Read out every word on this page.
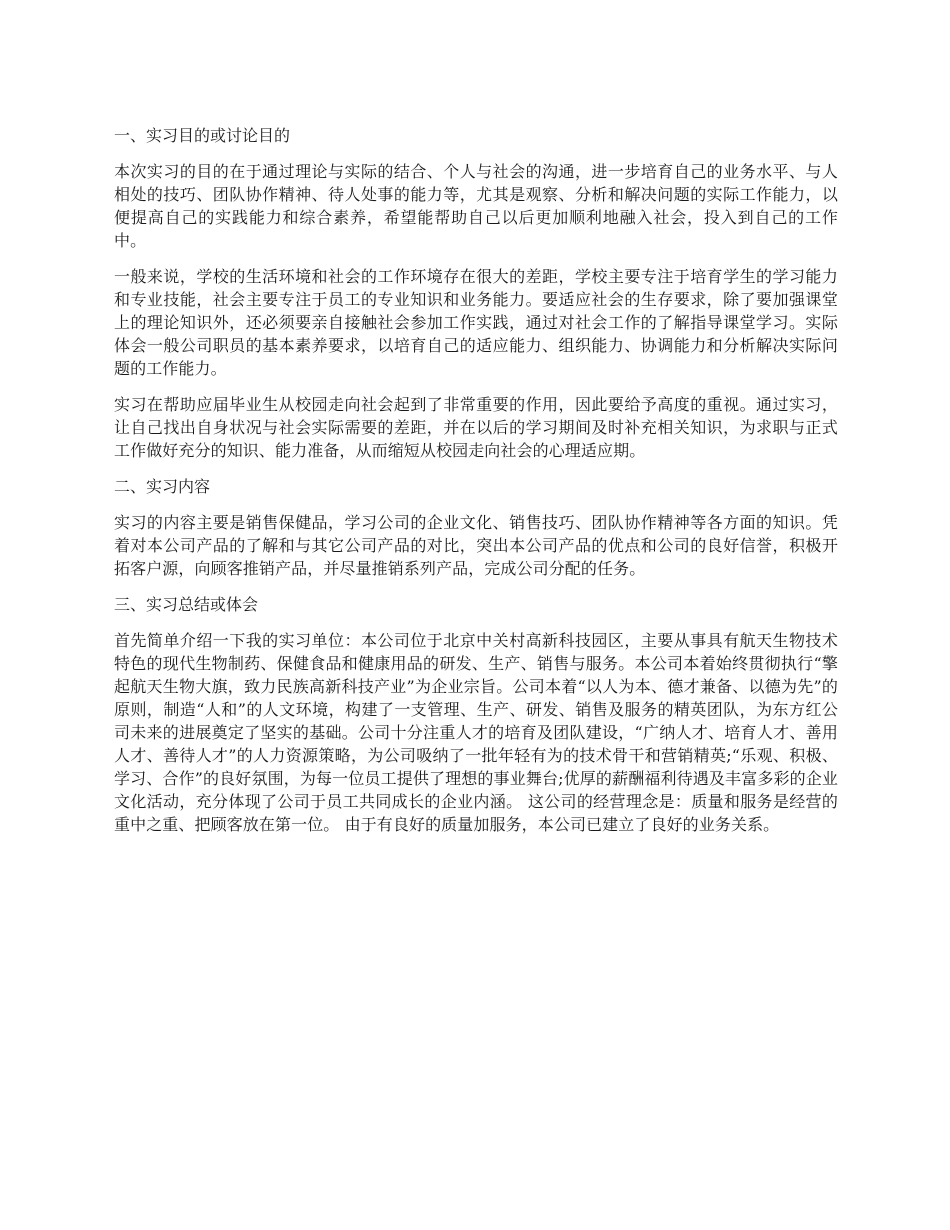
一、实习目的或讨论目的

本次实习的目的在于通过理论与实际的结合、个人与社会的沟通，进一步培育自己的业务水平、与人相处的技巧、团队协作精神、待人处事的能力等，尤其是观察、分析和解决问题的实际工作能力，以便提高自己的实践能力和综合素养，希望能帮助自己以后更加顺利地融入社会，投入到自己的工作中。

一般来说，学校的生活环境和社会的工作环境存在很大的差距，学校主要专注于培育学生的学习能力和专业技能，社会主要专注于员工的专业知识和业务能力。要适应社会的生存要求，除了要加强课堂上的理论知识外，还必须要亲自接触社会参加工作实践，通过对社会工作的了解指导课堂学习。实际体会一般公司职员的基本素养要求，以培育自己的适应能力、组织能力、协调能力和分析解决实际问题的工作能力。

实习在帮助应届毕业生从校园走向社会起到了非常重要的作用，因此要给予高度的重视。通过实习，让自己找出自身状况与社会实际需要的差距，并在以后的学习期间及时补充相关知识，为求职与正式工作做好充分的知识、能力准备，从而缩短从校园走向社会的心理适应期。

二、实习内容

实习的内容主要是销售保健品，学习公司的企业文化、销售技巧、团队协作精神等各方面的知识。凭着对本公司产品的了解和与其它公司产品的对比，突出本公司产品的优点和公司的良好信誉，积极开拓客户源，向顾客推销产品，并尽量推销系列产品，完成公司分配的任务。

三、实习总结或体会

首先简单介绍一下我的实习单位：本公司位于北京中关村高新科技园区，主要从事具有航天生物技术特色的现代生物制药、保健食品和健康用品的研发、生产、销售与服务。本公司本着始终贯彻执行“擎起航天生物大旗，致力民族高新科技产业”为企业宗旨。公司本着“以人为本、德才兼备、以德为先”的原则，制造“人和”的人文环境，构建了一支管理、生产、研发、销售及服务的精英团队，为东方红公司未来的进展奠定了坚实的基础。公司十分注重人才的培育及团队建设，“广纳人才、培育人才、善用人才、善待人才”的人力资源策略，为公司吸纳了一批年轻有为的技术骨干和营销精英;“乐观、积极、学习、合作”的良好氛围，为每一位员工提供了理想的事业舞台;优厚的薪酬福利待遇及丰富多彩的企业文化活动，充分体现了公司于员工共同成长的企业内涵。 这公司的经营理念是：质量和服务是经营的重中之重、把顾客放在第一位。 由于有良好的质量加服务，本公司已建立了良好的业务关系。
